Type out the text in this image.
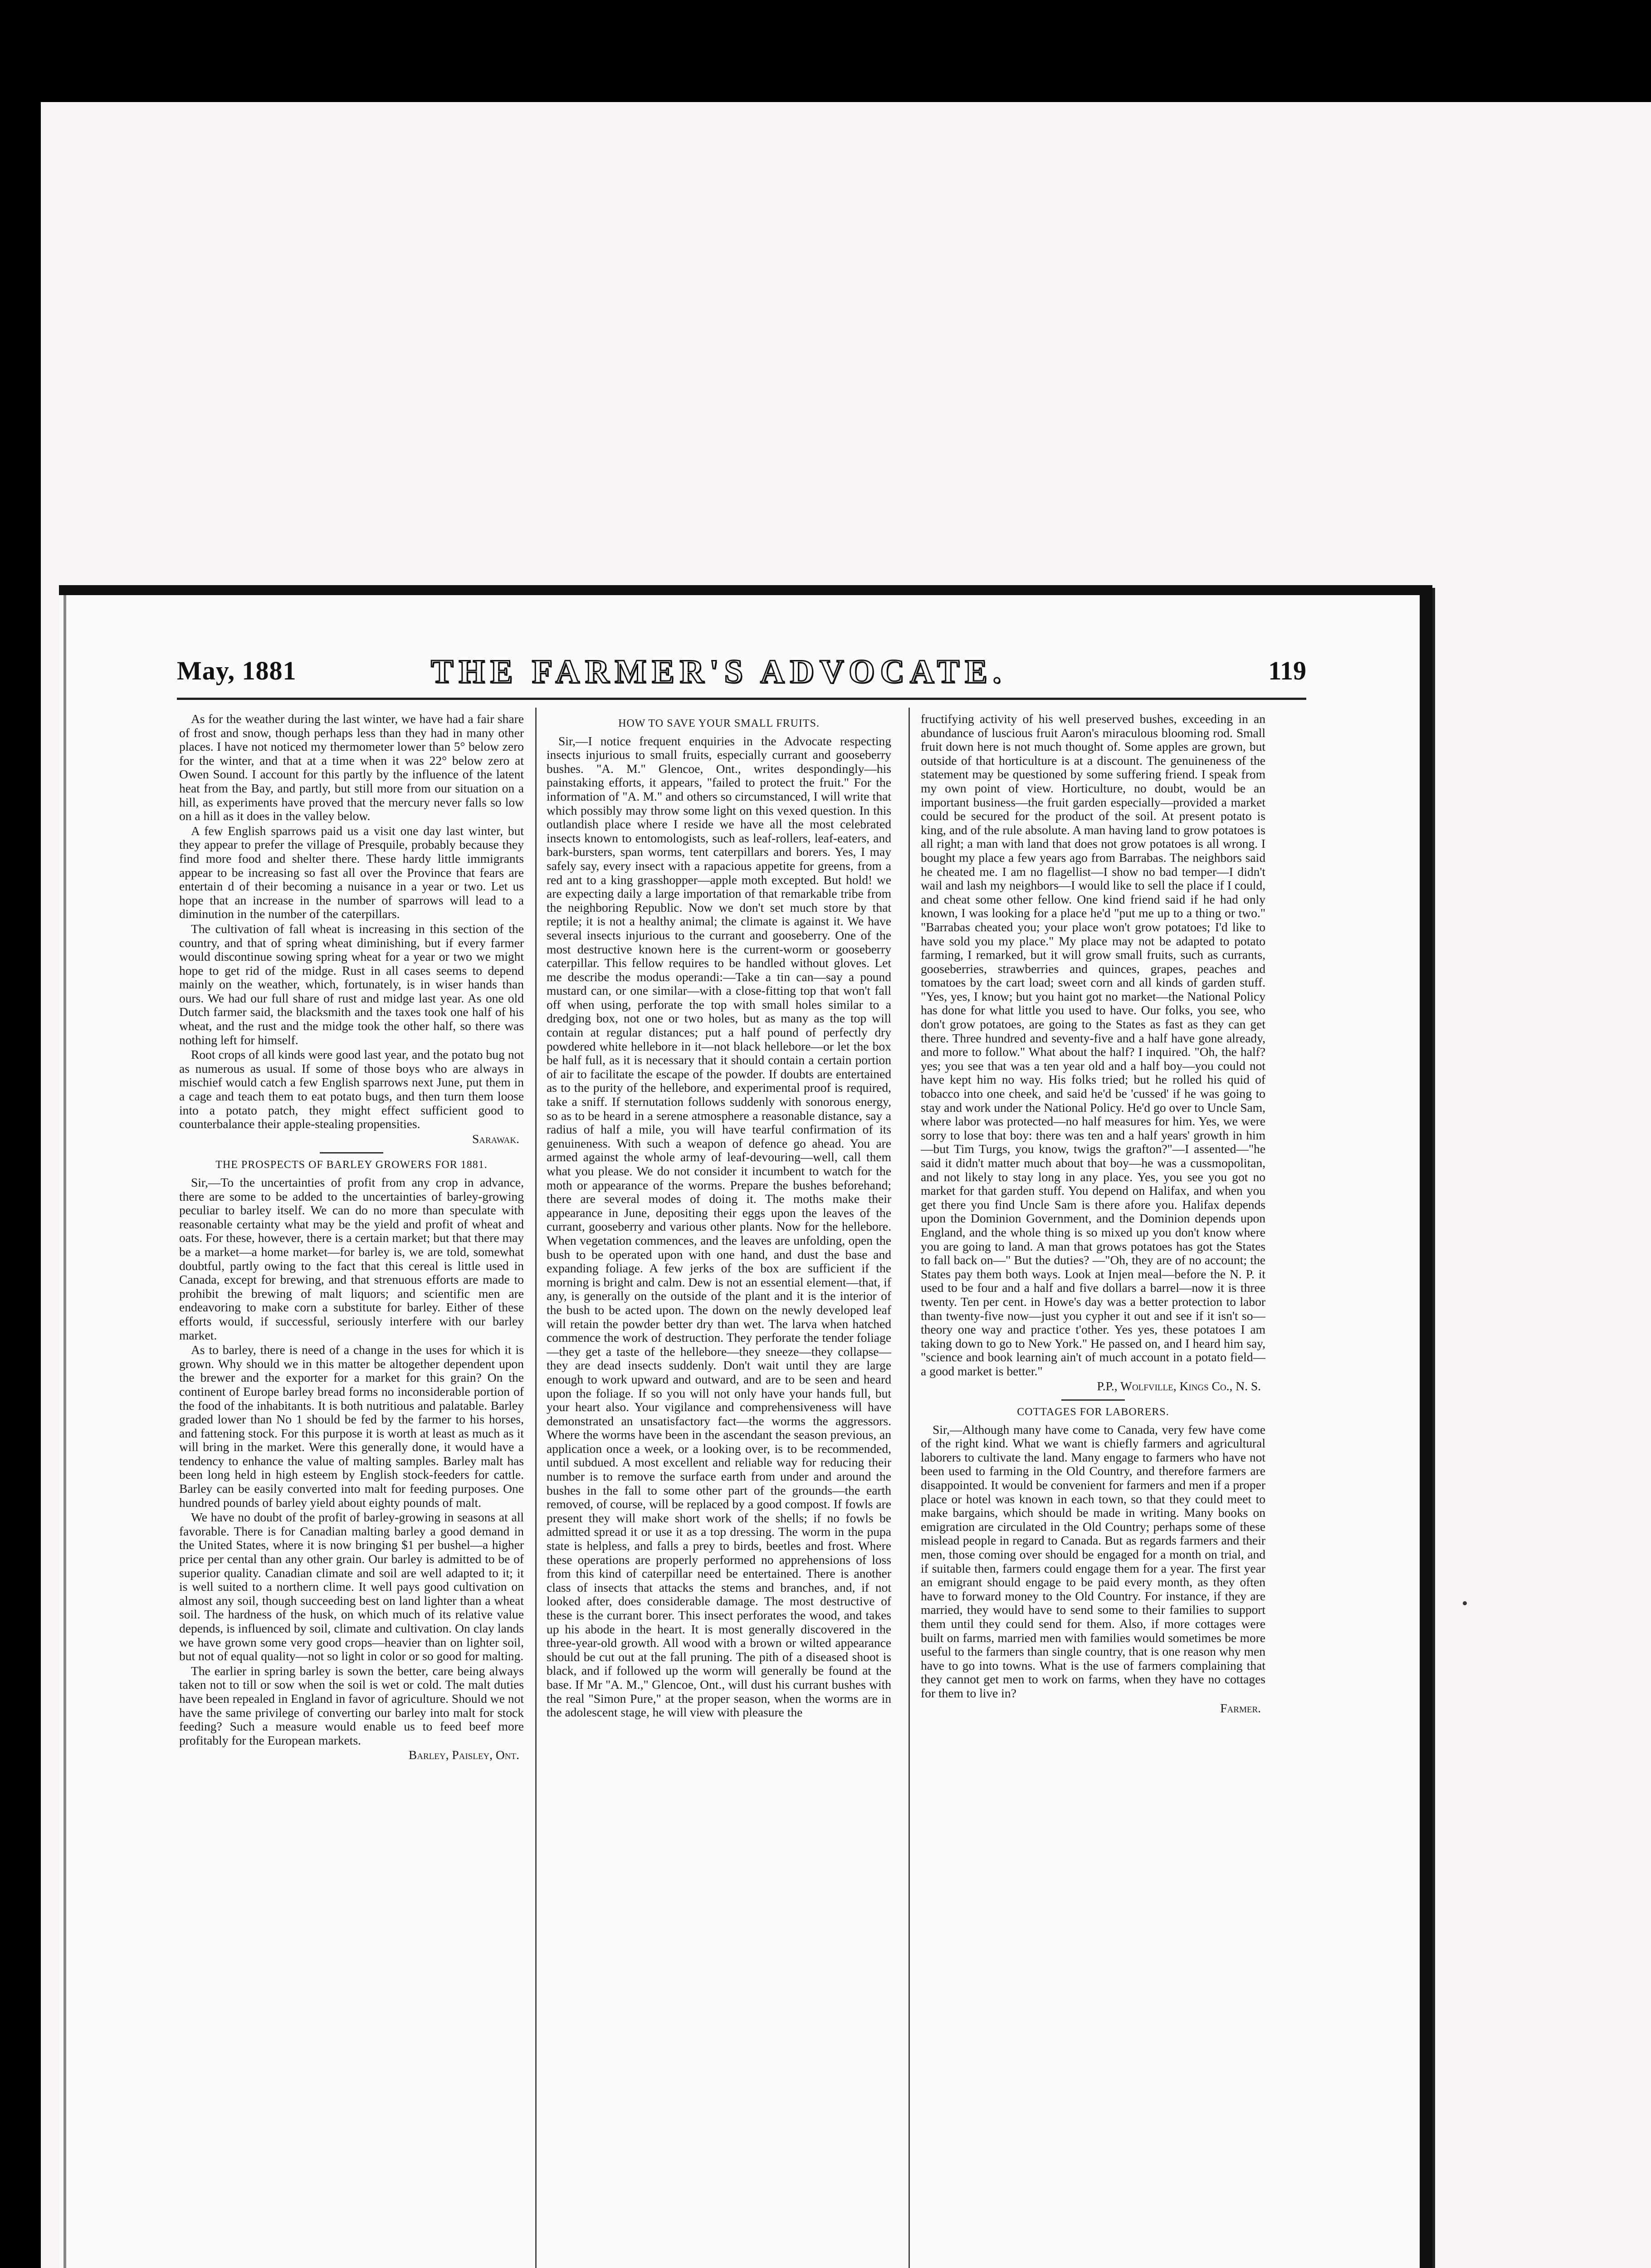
May, 1881	THE FARMER'S ADVOCATE.	119

As for the weather during the last winter, we have had a fair share of frost and snow, though perhaps less than they had in many other places. I have not noticed my thermometer lower than 5° below zero for the winter, and that at a time when it was 22° below zero at Owen Sound. I account for this partly by the influence of the latent heat from the Bay, and partly, but still more from our situation on a hill, as experiments have proved that the mercury never falls so low on a hill as it does in the valley below.

A few English sparrows paid us a visit one day last winter, but they appear to prefer the village of Presquile, probably because they find more food and shelter there. These hardy little immigrants appear to be increasing so fast all over the Province that fears are entertain d of their becoming a nuisance in a year or two. Let us hope that an increase in the number of sparrows will lead to a diminution in the number of the caterpillars.

The cultivation of fall wheat is increasing in this section of the country, and that of spring wheat diminishing, but if every farmer would discontinue sowing spring wheat for a year or two we might hope to get rid of the midge. Rust in all cases seems to depend mainly on the weather, which, fortunately, is in wiser hands than ours. We had our full share of rust and midge last year. As one old Dutch farmer said, the blacksmith and the taxes took one half of his wheat, and the rust and the midge took the other half, so there was nothing left for himself.

Root crops of all kinds were good last year, and the potato bug not as numerous as usual. If some of those boys who are always in mischief would catch a few English sparrows next June, put them in a cage and teach them to eat potato bugs, and then turn them loose into a potato patch, they might effect sufficient good to counterbalance their apple-stealing propensities.

Sarawak.

THE PROSPECTS OF BARLEY GROWERS FOR 1881.

Sir,—To the uncertainties of profit from any crop in advance, there are some to be added to the uncertainties of barley-growing peculiar to barley itself. We can do no more than speculate with reasonable certainty what may be the yield and profit of wheat and oats. For these, however, there is a certain market; but that there may be a market—a home market—for barley is, we are told, somewhat doubtful, partly owing to the fact that this cereal is little used in Canada, except for brewing, and that strenuous efforts are made to prohibit the brewing of malt liquors; and scientific men are endeavoring to make corn a substitute for barley. Either of these efforts would, if successful, seriously interfere with our barley market.

As to barley, there is need of a change in the uses for which it is grown. Why should we in this matter be altogether dependent upon the brewer and the exporter for a market for this grain? On the continent of Europe barley bread forms no inconsiderable portion of the food of the inhabitants. It is both nutritious and palatable. Barley graded lower than No 1 should be fed by the farmer to his horses, and fattening stock. For this purpose it is worth at least as much as it will bring in the market. Were this generally done, it would have a tendency to enhance the value of malting samples. Barley malt has been long held in high esteem by English stock-feeders for cattle. Barley can be easily converted into malt for feeding purposes. One hundred pounds of barley yield about eighty pounds of malt.

We have no doubt of the profit of barley-growing in seasons at all favorable. There is for Canadian malting barley a good demand in the United States, where it is now bringing $1 per bushel—a higher price per cental than any other grain. Our barley is admitted to be of superior quality. Canadian climate and soil are well adapted to it; it is well suited to a northern clime. It well pays good cultivation on almost any soil, though succeeding best on land lighter than a wheat soil. The hardness of the husk, on which much of its relative value depends, is influenced by soil, climate and cultivation. On clay lands we have grown some very good crops—heavier than on lighter soil, but not of equal quality—not so light in color or so good for malting.

The earlier in spring barley is sown the better, care being always taken not to till or sow when the soil is wet or cold. The malt duties have been repealed in England in favor of agriculture. Should we not have the same privilege of converting our barley into malt for stock feeding? Such a measure would enable us to feed beef more profitably for the European markets.

Barley, Paisley, Ont.

HOW TO SAVE YOUR SMALL FRUITS.

Sir,—I notice frequent enquiries in the Advocate respecting insects injurious to small fruits, especially currant and gooseberry bushes. "A. M." Glencoe, Ont., writes despondingly—his painstaking efforts, it appears, "failed to protect the fruit." For the information of "A. M." and others so circumstanced, I will write that which possibly may throw some light on this vexed question. In this outlandish place where I reside we have all the most celebrated insects known to entomologists, such as leaf-rollers, leaf-eaters, and bark-bursters, span worms, tent caterpillars and borers. Yes, I may safely say, every insect with a rapacious appetite for greens, from a red ant to a king grasshopper—apple moth excepted. But hold! we are expecting daily a large importation of that remarkable tribe from the neighboring Republic. Now we don't set much store by that reptile; it is not a healthy animal; the climate is against it. We have several insects injurious to the currant and gooseberry. One of the most destructive known here is the current-worm or gooseberry caterpillar. This fellow requires to be handled without gloves. Let me describe the modus operandi:—Take a tin can—say a pound mustard can, or one similar—with a close-fitting top that won't fall off when using, perforate the top with small holes similar to a dredging box, not one or two holes, but as many as the top will contain at regular distances; put a half pound of perfectly dry powdered white hellebore in it—not black hellebore—or let the box be half full, as it is necessary that it should contain a certain portion of air to facilitate the escape of the powder. If doubts are entertained as to the purity of the hellebore, and experimental proof is required, take a sniff. If sternutation follows suddenly with sonorous energy, so as to be heard in a serene atmosphere a reasonable distance, say a radius of half a mile, you will have tearful confirmation of its genuineness. With such a weapon of defence go ahead. You are armed against the whole army of leaf-devouring—well, call them what you please. We do not consider it incumbent to watch for the moth or appearance of the worms. Prepare the bushes beforehand; there are several modes of doing it. The moths make their appearance in June, depositing their eggs upon the leaves of the currant, gooseberry and various other plants. Now for the hellebore. When vegetation commences, and the leaves are unfolding, open the bush to be operated upon with one hand, and dust the base and expanding foliage. A few jerks of the box are sufficient if the morning is bright and calm. Dew is not an essential element—that, if any, is generally on the outside of the plant and it is the interior of the bush to be acted upon. The down on the newly developed leaf will retain the powder better dry than wet. The larva when hatched commence the work of destruction. They perforate the tender foliage—they get a taste of the hellebore—they sneeze—they collapse—they are dead insects suddenly. Don't wait until they are large enough to work upward and outward, and are to be seen and heard upon the foliage. If so you will not only have your hands full, but your heart also. Your vigilance and comprehensiveness will have demonstrated an unsatisfactory fact—the worms the aggressors. Where the worms have been in the ascendant the season previous, an application once a week, or a looking over, is to be recommended, until subdued. A most excellent and reliable way for reducing their number is to remove the surface earth from under and around the bushes in the fall to some other part of the grounds—the earth removed, of course, will be replaced by a good compost. If fowls are present they will make short work of the shells; if no fowls be admitted spread it or use it as a top dressing. The worm in the pupa state is helpless, and falls a prey to birds, beetles and frost. Where these operations are properly performed no apprehensions of loss from this kind of caterpillar need be entertained. There is another class of insects that attacks the stems and branches, and, if not looked after, does considerable damage. The most destructive of these is the currant borer. This insect perforates the wood, and takes up his abode in the heart. It is most generally discovered in the three-year-old growth. All wood with a brown or wilted appearance should be cut out at the fall pruning. The pith of a diseased shoot is black, and if followed up the worm will generally be found at the base. If Mr "A. M.," Glencoe, Ont., will dust his currant bushes with the real "Simon Pure," at the proper season, when the worms are in the adolescent stage, he will view with pleasure the

fructifying activity of his well preserved bushes, exceeding in an abundance of luscious fruit Aaron's miraculous blooming rod. Small fruit down here is not much thought of. Some apples are grown, but outside of that horticulture is at a discount. The genuineness of the statement may be questioned by some suffering friend. I speak from my own point of view. Horticulture, no doubt, would be an important business—the fruit garden especially—provided a market could be secured for the product of the soil. At present potato is king, and of the rule absolute. A man having land to grow potatoes is all right; a man with land that does not grow potatoes is all wrong. I bought my place a few years ago from Barrabas. The neighbors said he cheated me. I am no flagellist—I show no bad temper—I didn't wail and lash my neighbors—I would like to sell the place if I could, and cheat some other fellow. One kind friend said if he had only known, I was looking for a place he'd "put me up to a thing or two." "Barrabas cheated you; your place won't grow potatoes; I'd like to have sold you my place." My place may not be adapted to potato farming, I remarked, but it will grow small fruits, such as currants, gooseberries, strawberries and quinces, grapes, peaches and tomatoes by the cart load; sweet corn and all kinds of garden stuff. "Yes, yes, I know; but you haint got no market—the National Policy has done for what little you used to have. Our folks, you see, who don't grow potatoes, are going to the States as fast as they can get there. Three hundred and seventy-five and a half have gone already, and more to follow." What about the half? I inquired. "Oh, the half? yes; you see that was a ten year old and a half boy—you could not have kept him no way. His folks tried; but he rolled his quid of tobacco into one cheek, and said he'd be 'cussed' if he was going to stay and work under the National Policy. He'd go over to Uncle Sam, where labor was protected—no half measures for him. Yes, we were sorry to lose that boy: there was ten and a half years' growth in him—but Tim Turgs, you know, twigs the grafton?"—I assented—"he said it didn't matter much about that boy—he was a cussmopolitan, and not likely to stay long in any place. Yes, you see you got no market for that garden stuff. You depend on Halifax, and when you get there you find Uncle Sam is there afore you. Halifax depends upon the Dominion Government, and the Dominion depends upon England, and the whole thing is so mixed up you don't know where you are going to land. A man that grows potatoes has got the States to fall back on—" But the duties? —"Oh, they are of no account; the States pay them both ways. Look at Injen meal—before the N. P. it used to be four and a half and five dollars a barrel—now it is three twenty. Ten per cent. in Howe's day was a better protection to labor than twenty-five now—just you cypher it out and see if it isn't so—theory one way and practice t'other. Yes yes, these potatoes I am taking down to go to New York." He passed on, and I heard him say, "science and book learning ain't of much account in a potato field—a good market is better."

P.P., Wolfville, Kings Co., N. S.

COTTAGES FOR LABORERS.

Sir,—Although many have come to Canada, very few have come of the right kind. What we want is chiefly farmers and agricultural laborers to cultivate the land. Many engage to farmers who have not been used to farming in the Old Country, and therefore farmers are disappointed. It would be convenient for farmers and men if a proper place or hotel was known in each town, so that they could meet to make bargains, which should be made in writing. Many books on emigration are circulated in the Old Country; perhaps some of these mislead people in regard to Canada. But as regards farmers and their men, those coming over should be engaged for a month on trial, and if suitable then, farmers could engage them for a year. The first year an emigrant should engage to be paid every month, as they often have to forward money to the Old Country. For instance, if they are married, they would have to send some to their families to support them until they could send for them. Also, if more cottages were built on farms, married men with families would sometimes be more useful to the farmers than single country, that is one reason why men have to go into towns. What is the use of farmers complaining that they cannot get men to work on farms, when they have no cottages for them to live in?

Farmer.
